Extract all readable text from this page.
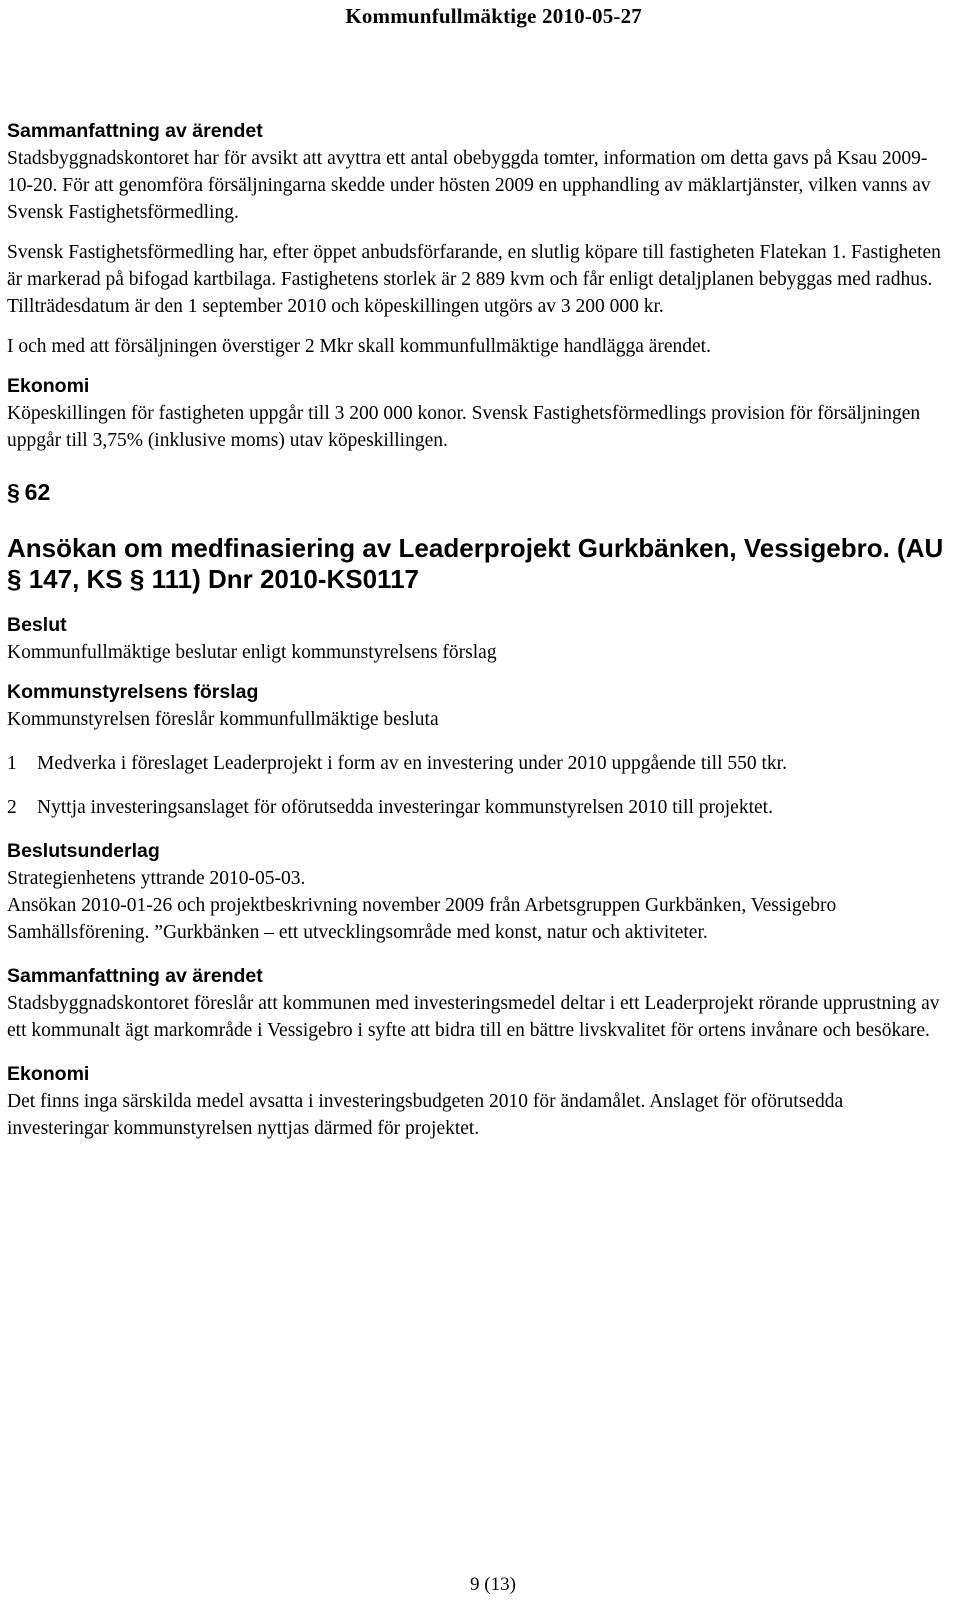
Kommunfullmäktige 2010-05-27
Sammanfattning av ärendet

Stadsbyggnadskontoret har för avsikt att avyttra ett antal obebyggda tomter, information om detta gavs på Ksau 2009-10-20. För att genomföra försäljningarna skedde under hösten 2009 en upphandling av mäklartjänster, vilken vanns av Svensk Fastighetsförmedling.

Svensk Fastighetsförmedling har, efter öppet anbudsförfarande, en slutlig köpare till fastigheten Flatekan 1. Fastigheten är markerad på bifogad kartbilaga. Fastighetens storlek är 2 889 kvm och får enligt detaljplanen bebyggas med radhus. Tillträdesdatum är den 1 september 2010 och köpeskillingen utgörs av 3 200 000 kr.

I och med att försäljningen överstiger 2 Mkr skall kommunfullmäktige handlägga ärendet.

Ekonomi

Köpeskillingen för fastigheten uppgår till 3 200 000 konor. Svensk Fastighetsförmedlings provision för försäljningen uppgår till 3,75% (inklusive moms) utav köpeskillingen.

§ 62
Ansökan om medfinasiering av Leaderprojekt Gurkbänken, Vessigebro. (AU § 147, KS § 111) Dnr 2010-KS0117
Beslut

Kommunfullmäktige beslutar enligt kommunstyrelsens förslag

Kommunstyrelsens förslag

Kommunstyrelsen föreslår kommunfullmäktige besluta

1	Medverka i föreslaget Leaderprojekt i form av en investering under 2010 uppgående till 550 tkr.
2	Nyttja investeringsanslaget för oförutsedda investeringar kommunstyrelsen 2010 till projektet.
Beslutsunderlag

Strategienhetens yttrande 2010-05-03.

Ansökan 2010-01-26 och projektbeskrivning november 2009 från Arbetsgruppen Gurkbänken, Vessigebro Samhällsförening. ”Gurkbänken – ett utvecklingsområde med konst, natur och aktiviteter.

Sammanfattning av ärendet

Stadsbyggnadskontoret föreslår att kommunen med investeringsmedel deltar i ett Leaderprojekt rörande upprustning av ett kommunalt ägt markområde i Vessigebro i syfte att bidra till en bättre livskvalitet för ortens invånare och besökare.

Ekonomi

Det finns inga särskilda medel avsatta i investeringsbudgeten 2010 för ändamålet. Anslaget för oförutsedda investeringar kommunstyrelsen nyttjas därmed för projektet.

9 (13)
